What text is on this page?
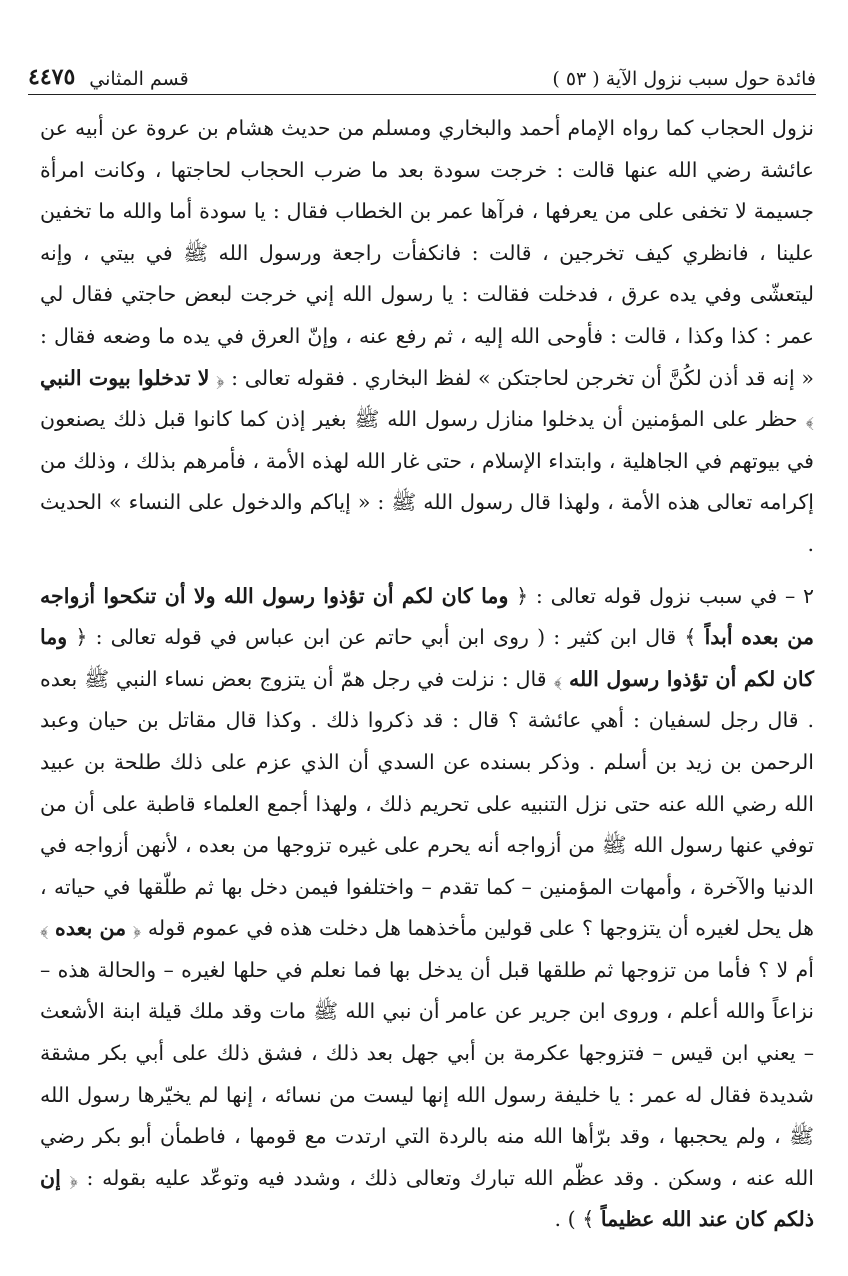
فائدة حول سبب نزول الآية ( ٥٣ )
قسم المثاني
٤٤٧٥

نزول الحجاب كما رواه الإمام أحمد والبخاري ومسلم من حديث هشام بن عروة عن أبيه عن عائشة رضي الله عنها قالت : خرجت سودة بعد ما ضرب الحجاب لحاجتها ، وكانت امرأة جسيمة لا تخفى على من يعرفها ، فرآها عمر بن الخطاب فقال : يا سودة أما والله ما تخفين علينا ، فانظري كيف تخرجين ، قالت : فانكفأت راجعة ورسول الله ﷺ في بيتي ، وإنه ليتعشّى وفي يده عرق ، فدخلت فقالت : يا رسول الله إني خرجت لبعض حاجتي فقال لي عمر : كذا وكذا ، قالت : فأوحى الله إليه ، ثم رفع عنه ، وإنّ العرق في يده ما وضعه فقال : « إنه قد أذن لكُنَّ أن تخرجن لحاجتكن » لفظ البخاري . فقوله تعالى : ﴿ لا تدخلوا بيوت النبي ﴾ حظر على المؤمنين أن يدخلوا منازل رسول الله ﷺ بغير إذن كما كانوا قبل ذلك يصنعون في بيوتهم في الجاهلية ، وابتداء الإسلام ، حتى غار الله لهذه الأمة ، فأمرهم بذلك ، وذلك من إكرامه تعالى هذه الأمة ، ولهذا قال رسول الله ﷺ : « إياكم والدخول على النساء » الحديث .

٢ – في سبب نزول قوله تعالى : ﴿ وما كان لكم أن تؤذوا رسول الله ولا أن تنكحوا أزواجه من بعده أبداً ﴾ قال ابن كثير : ( روى ابن أبي حاتم عن ابن عباس في قوله تعالى : ﴿ وما كان لكم أن تؤذوا رسول الله ﴾ قال : نزلت في رجل همّ أن يتزوج بعض نساء النبي ﷺ بعده . قال رجل لسفيان : أهي عائشة ؟ قال : قد ذكروا ذلك . وكذا قال مقاتل بن حيان وعبد الرحمن بن زيد بن أسلم . وذكر بسنده عن السدي أن الذي عزم على ذلك طلحة بن عبيد الله رضي الله عنه حتى نزل التنبيه على تحريم ذلك ، ولهذا أجمع العلماء قاطبة على أن من توفي عنها رسول الله ﷺ من أزواجه أنه يحرم على غيره تزوجها من بعده ، لأنهن أزواجه في الدنيا والآخرة ، وأمهات المؤمنين – كما تقدم – واختلفوا فيمن دخل بها ثم طلّقها في حياته ، هل يحل لغيره أن يتزوجها ؟ على قولين مأخذهما هل دخلت هذه في عموم قوله ﴿ من بعده ﴾ أم لا ؟ فأما من تزوجها ثم طلقها قبل أن يدخل بها فما نعلم في حلها لغيره – والحالة هذه – نزاعاً والله أعلم ، وروى ابن جرير عن عامر أن نبي الله ﷺ مات وقد ملك قيلة ابنة الأشعث – يعني ابن قيس – فتزوجها عكرمة بن أبي جهل بعد ذلك ، فشق ذلك على أبي بكر مشقة شديدة فقال له عمر : يا خليفة رسول الله إنها ليست من نسائه ، إنها لم يخيّرها رسول الله ﷺ ، ولم يحجبها ، وقد برّأها الله منه بالردة التي ارتدت مع قومها ، فاطمأن أبو بكر رضي الله عنه ، وسكن . وقد عظّم الله تبارك وتعالى ذلك ، وشدد فيه وتوعّد عليه بقوله : ﴿ إن ذلكم كان عند الله عظيماً ﴾ ) .
